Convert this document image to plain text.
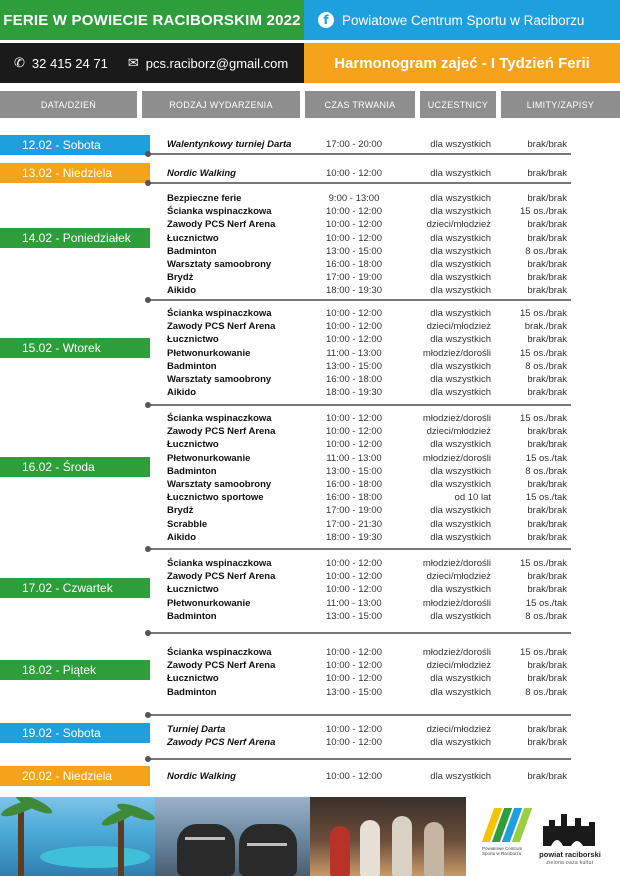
FERIE W POWIECIE RACIBORSKIM 2022	f Powiatowe Centrum Sportu w Raciborzu
✆ 32 415 24 71 ✉ pcs.raciborz@gmail.com	Harmonogram zajeć - I Tydzień Ferii
DATA/DZIEŃ	RODZAJ WYDARZENIA	CZAS TRWANIA	UCZESTNICY	LIMITY/ZAPISY
12.02 - Sobota	Walentynkowy turniej Darta	17:00 - 20:00	dla wszystkich	brak/brak
13.02 - Niedziela	Nordic Walking	10:00 - 12:00	dla wszystkich	brak/brak
14.02 - Poniedziałek
Bezpieczne ferie	9:00 - 13:00	dla wszystkich	brak/brak
Ścianka wspinaczkowa	10:00 - 12:00	dla wszystkich	15 os./brak
Zawody PCS Nerf Arena	10:00 - 12:00	dzieci/młodzież	brak/brak
Łucznictwo	10:00 - 12:00	dla wszystkich	brak/brak
Badminton	13:00 - 15:00	dla wszystkich	8 os./brak
Warsztaty samoobrony	16:00 - 18:00	dla wszystkich	brak/brak
Brydż	17:00 - 19:00	dla wszystkich	brak/brak
Aikido	18:00 - 19:30	dla wszystkich	brak/brak
15.02 - Wtorek
Ścianka wspinaczkowa	10:00 - 12:00	dla wszystkich	15 os./brak
Zawody PCS Nerf Arena	10:00 - 12:00	dzieci/młodzież	brak./brak
Łucznictwo	10:00 - 12:00	dla wszystkich	brak/brak
Płetwonurkowanie	11:00 - 13:00	młodzież/dorośli	15 os./brak
Badminton	13:00 - 15:00	dla wszystkich	8 os./brak
Warsztaty samoobrony	16:00 - 18:00	dla wszystkich	brak/brak
Aikido	18:00 - 19:30	dla wszystkich	brak/brak
16.02 - Środa
Ścianka wspinaczkowa	10:00 - 12:00	młodzież/dorośli	15 os./brak
Zawody PCS Nerf Arena	10:00 - 12:00	dzieci/młodzież	brak/brak
Łucznictwo	10:00 - 12:00	dla wszystkich	brak/brak
Płetwonurkowanie	11:00 - 13:00	młodzież/dorośli	15 os./tak
Badminton	13:00 - 15:00	dla wszystkich	8 os./brak
Warsztaty samoobrony	16:00 - 18:00	dla wszystkich	brak/brak
Łucznictwo sportowe	16:00 - 18:00	od 10 lat	15 os./tak
Brydż	17:00 - 19:00	dla wszystkich	brak/brak
Scrabble	17:00 - 21:30	dla wszystkich	brak/brak
Aikido	18:00 - 19:30	dla wszystkich	brak/brak
17.02 - Czwartek
Ścianka wspinaczkowa	10:00 - 12:00	młodzież/dorośli	15 os./brak
Zawody PCS Nerf Arena	10:00 - 12:00	dzieci/młodzież	brak/brak
Łucznictwo	10:00 - 12:00	dla wszystkich	brak/brak
Płetwonurkowanie	11:00 - 13:00	młodzież/dorośli	15 os./tak
Badminton	13:00 - 15:00	dla wszystkich	8 os./brak
18.02 - Piątek
Ścianka wspinaczkowa	10:00 - 12:00	młodzież/dorośli	15 os./brak
Zawody PCS Nerf Arena	10:00 - 12:00	dzieci/młodzież	brak/brak
Łucznictwo	10:00 - 12:00	dla wszystkich	brak/brak
Badminton	13:00 - 15:00	dla wszystkich	8 os./brak
19.02 - Sobota	Turniej Darta	10:00 - 12:00	dzieci/młodzież	brak/brak
Zawody PCS Nerf Arena	10:00 - 12:00	dla wszystkich	brak/brak
20.02 - Niedziela	Nordic Walking	10:00 - 12:00	dla wszystkich	brak/brak
Powiatowe Centrum Sportu w Raciborzu	powiat raciborski
zielona oaza kultur
